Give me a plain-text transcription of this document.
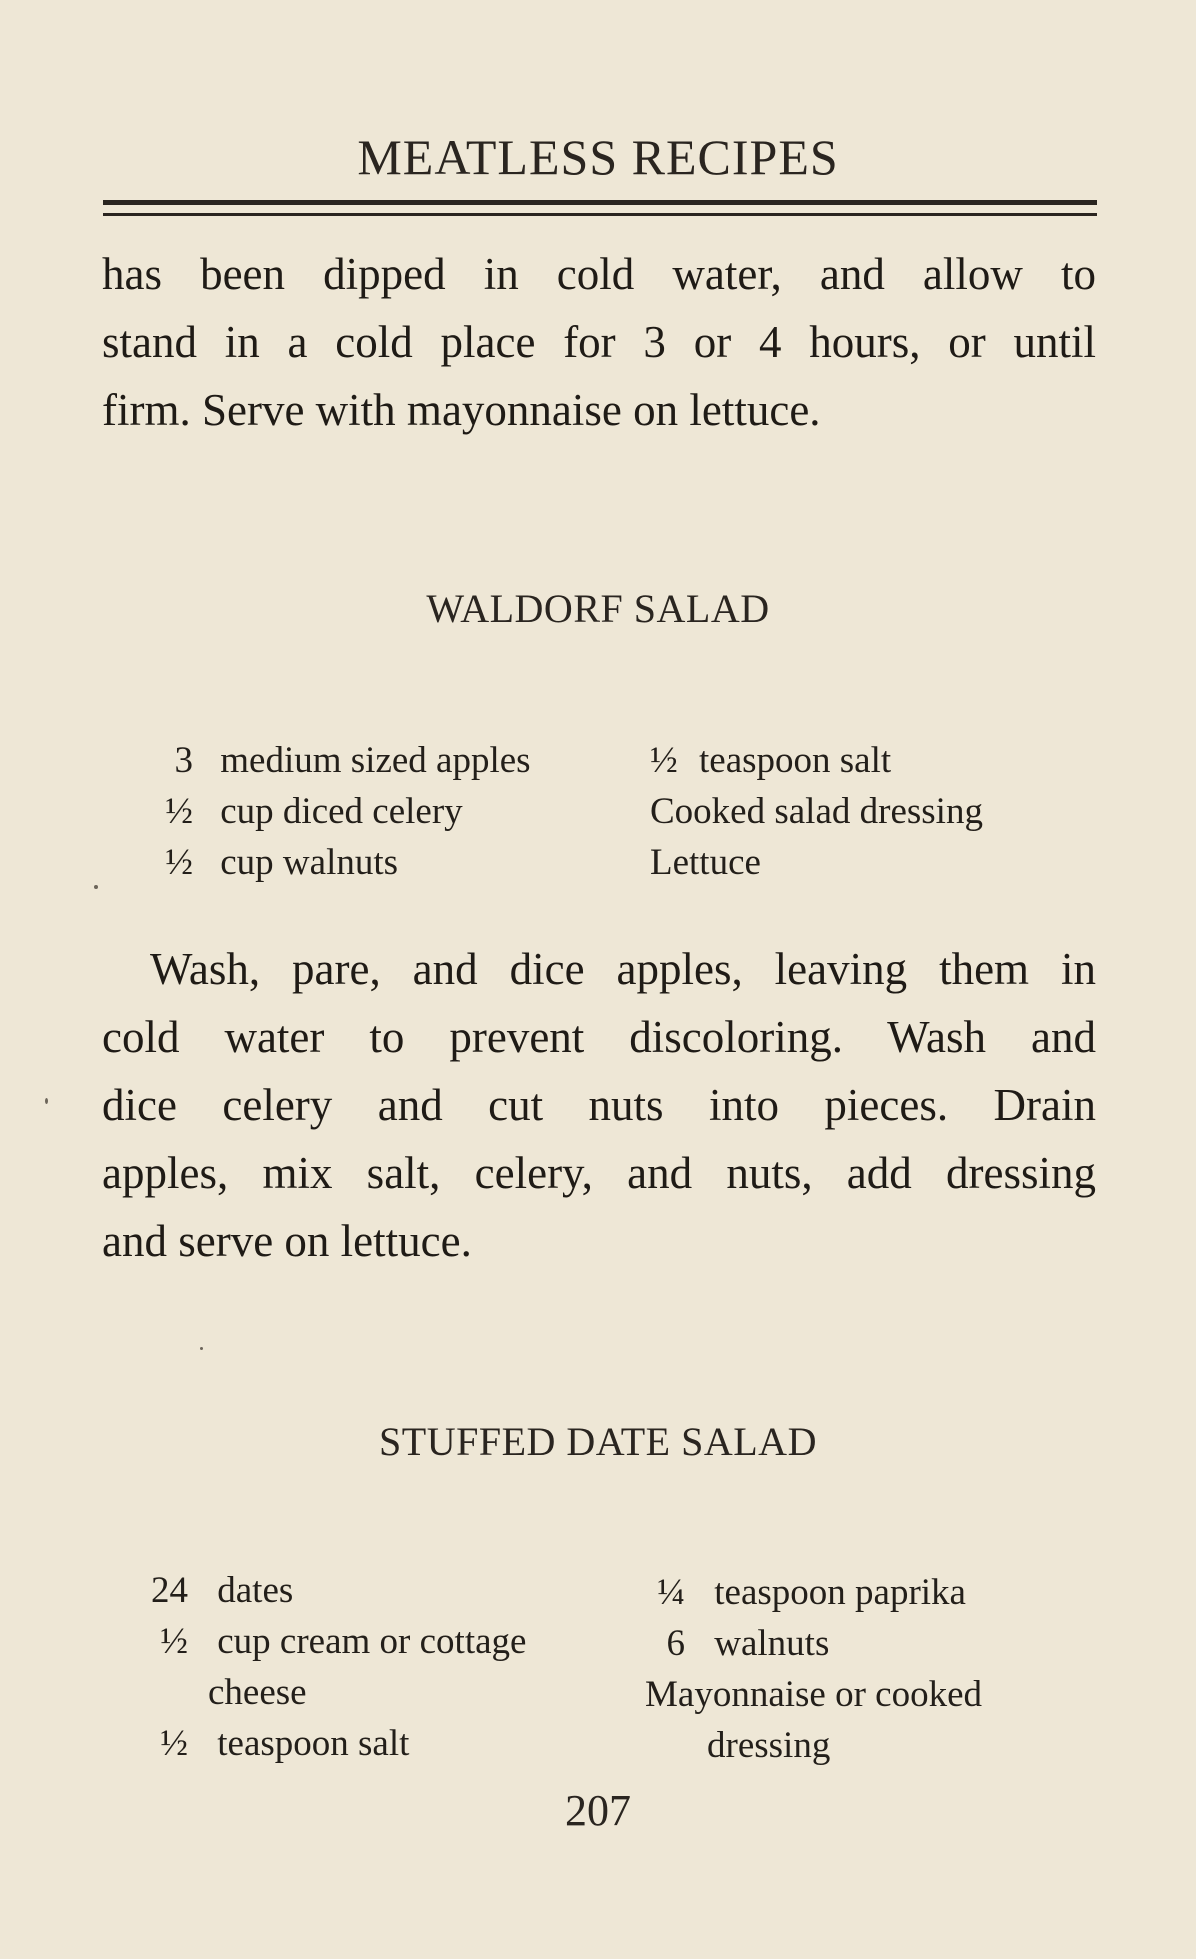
MEATLESS RECIPES

has been dipped in cold water, and allow to
stand in a cold place for 3 or 4 hours, or until
firm. Serve with mayonnaise on lettuce.

WALDORF SALAD
3 medium sized apples
½ cup diced celery
½ cup walnuts
½ teaspoon salt
Cooked salad dressing
Lettuce

Wash, pare, and dice apples, leaving them in
cold water to prevent discoloring. Wash and
dice celery and cut nuts into pieces. Drain
apples, mix salt, celery, and nuts, add dressing
and serve on lettuce.

STUFFED DATE SALAD
24 dates
½ cup cream or cottage
cheese
½ teaspoon salt
¼ teaspoon paprika
6 walnuts
Mayonnaise or cooked
dressing
207
